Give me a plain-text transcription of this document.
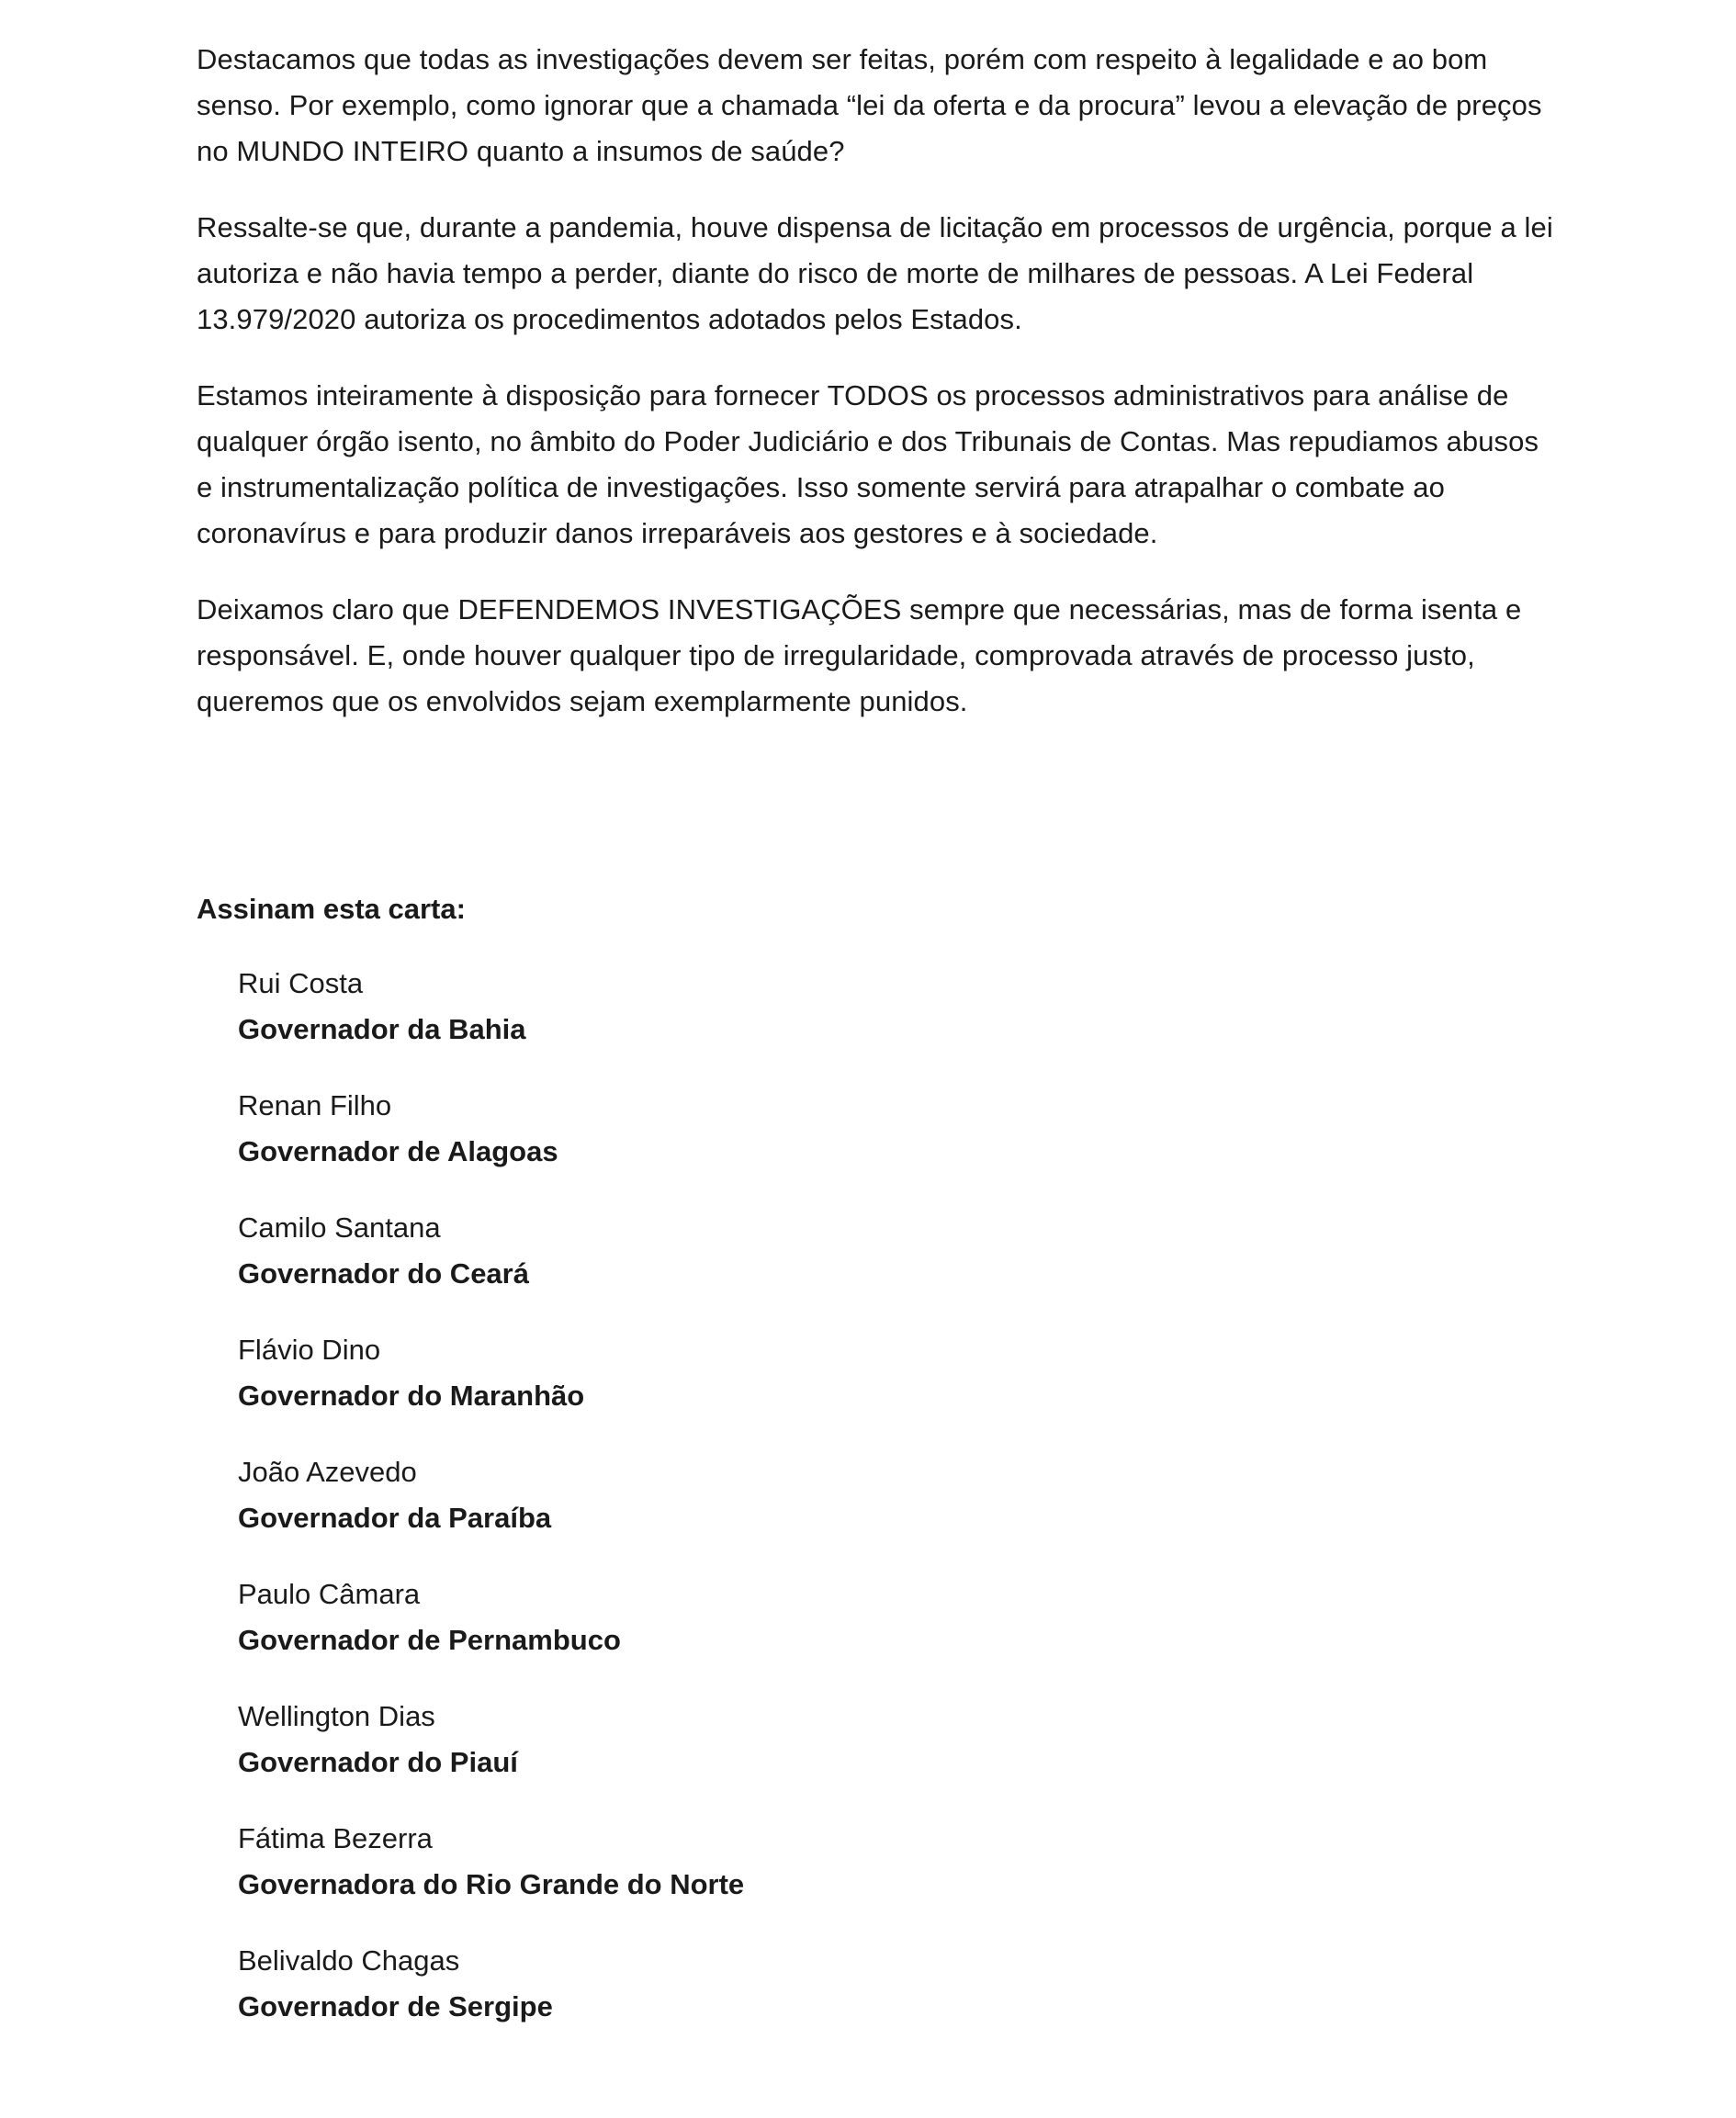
Destacamos que todas as investigações devem ser feitas, porém com respeito à legalidade e ao bom senso. Por exemplo, como ignorar que a chamada “lei da oferta e da procura” levou a elevação de preços no MUNDO INTEIRO quanto a insumos de saúde?

Ressalte-se que, durante a pandemia, houve dispensa de licitação em processos de urgência, porque a lei autoriza e não havia tempo a perder, diante do risco de morte de milhares de pessoas. A Lei Federal 13.979/2020 autoriza os procedimentos adotados pelos Estados.

Estamos inteiramente à disposição para fornecer TODOS os processos administrativos para análise de qualquer órgão isento, no âmbito do Poder Judiciário e dos Tribunais de Contas. Mas repudiamos abusos e instrumentalização política de investigações. Isso somente servirá para atrapalhar o combate ao coronavírus e para produzir danos irreparáveis aos gestores e à sociedade.

Deixamos claro que DEFENDEMOS INVESTIGAÇÕES sempre que necessárias, mas de forma isenta e responsável. E, onde houver qualquer tipo de irregularidade, comprovada através de processo justo, queremos que os envolvidos sejam exemplarmente punidos.

Assinam esta carta:

Rui Costa
Governador da Bahia
Renan Filho
Governador de Alagoas
Camilo Santana
Governador do Ceará
Flávio Dino
Governador do Maranhão
João Azevedo
Governador da Paraíba
Paulo Câmara
Governador de Pernambuco
Wellington Dias
Governador do Piauí
Fátima Bezerra
Governadora do Rio Grande do Norte
Belivaldo Chagas
Governador de Sergipe
